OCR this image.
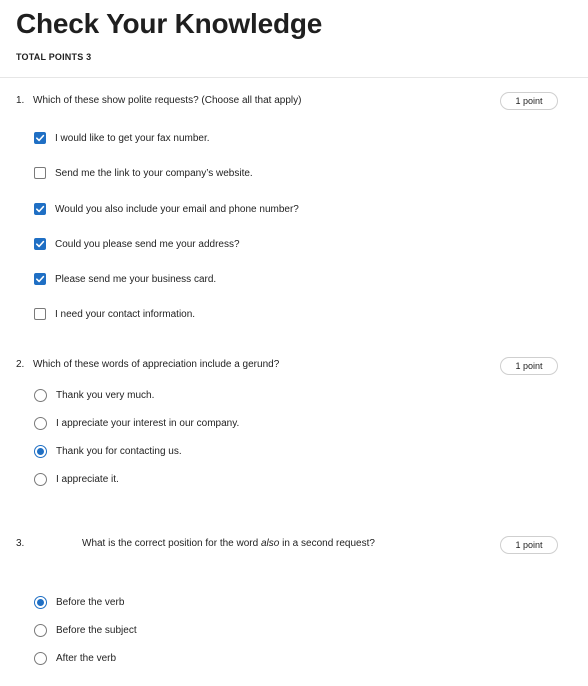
Check Your Knowledge
TOTAL POINTS 3
1. Which of these show polite requests? (Choose all that apply)	1 point
I would like to get your fax number.
Send me the link to your company’s website.
Would you also include your email and phone number?
Could you please send me your address?
Please send me your business card.
I need your contact information.
2. Which of these words of appreciation include a gerund?	1 point
Thank you very much.
I appreciate your interest in our company.
Thank you for contacting us.
I appreciate it.
3.	What is the correct position for the word also in a second request?	1 point
Before the verb
Before the subject
After the verb
